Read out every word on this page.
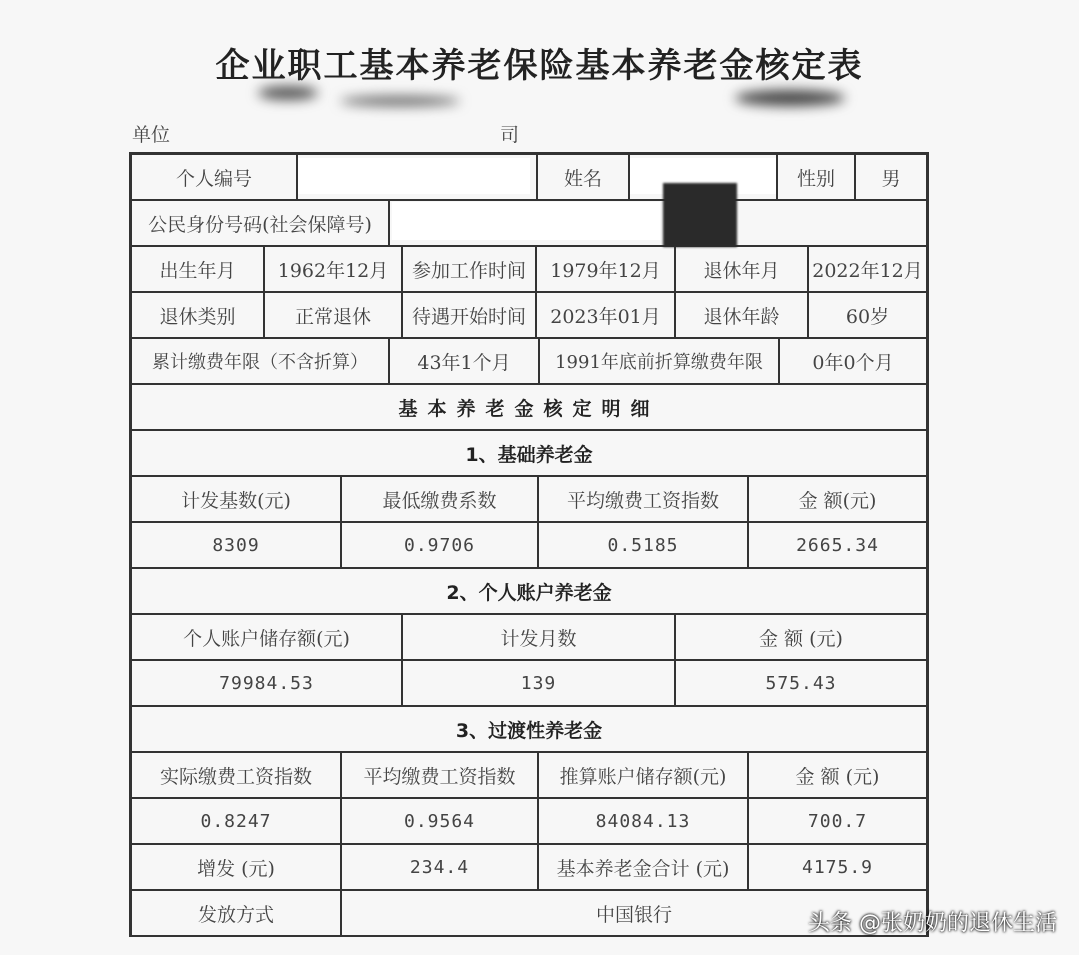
企业职工基本养老保险基本养老金核定表
单位	司
个人编号	姓名	性别	男
公民身份号码(社会保障号)
出生年月	1962年12月	参加工作时间	1979年12月	退休年月	2022年12月
退休类别	正常退休	待遇开始时间	2023年01月	退休年龄	60岁
累计缴费年限（不含折算）	43年1个月	1991年底前折算缴费年限	0年0个月
基本养老金核定明细
1、基础养老金
计发基数(元)	最低缴费系数	平均缴费工资指数	金 额(元)
8309	0.9706	0.5185	2665.34
2、个人账户养老金
个人账户储存额(元)	计发月数	金 额 (元)
79984.53	139	575.43
3、过渡性养老金
实际缴费工资指数	平均缴费工资指数	推算账户储存额(元)	金 额 (元)
0.8247	0.9564	84084.13	700.7
增发 (元)	234.4	基本养老金合计 (元)	4175.9
发放方式	中国银行	头条 @张奶奶的退休生活
